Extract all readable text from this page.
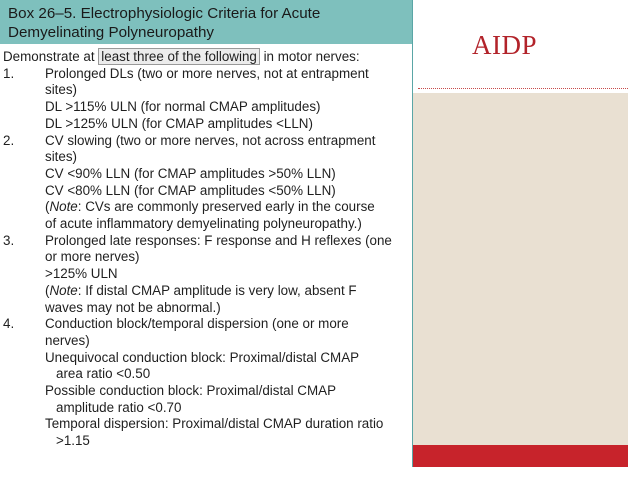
AIDP
Box 26–5. Electrophysiologic Criteria for Acute
Demyelinating Polyneuropathy
Demonstrate at least three of the following in motor nerves:
1. Prolonged DLs (two or more nerves, not at entrapment
sites)
DL >115% ULN (for normal CMAP amplitudes)
DL >125% ULN (for CMAP amplitudes <LLN)
2. CV slowing (two or more nerves, not across entrapment
sites)
CV <90% LLN (for CMAP amplitudes >50% LLN)
CV <80% LLN (for CMAP amplitudes <50% LLN)
(Note: CVs are commonly preserved early in the course
of acute inflammatory demyelinating polyneuropathy.)
3. Prolonged late responses: F response and H reflexes (one
or more nerves)
>125% ULN
(Note: If distal CMAP amplitude is very low, absent F
waves may not be abnormal.)
4. Conduction block/temporal dispersion (one or more
nerves)
Unequivocal conduction block: Proximal/distal CMAP
area ratio <0.50
Possible conduction block: Proximal/distal CMAP
amplitude ratio <0.70
Temporal dispersion: Proximal/distal CMAP duration ratio
>1.15
